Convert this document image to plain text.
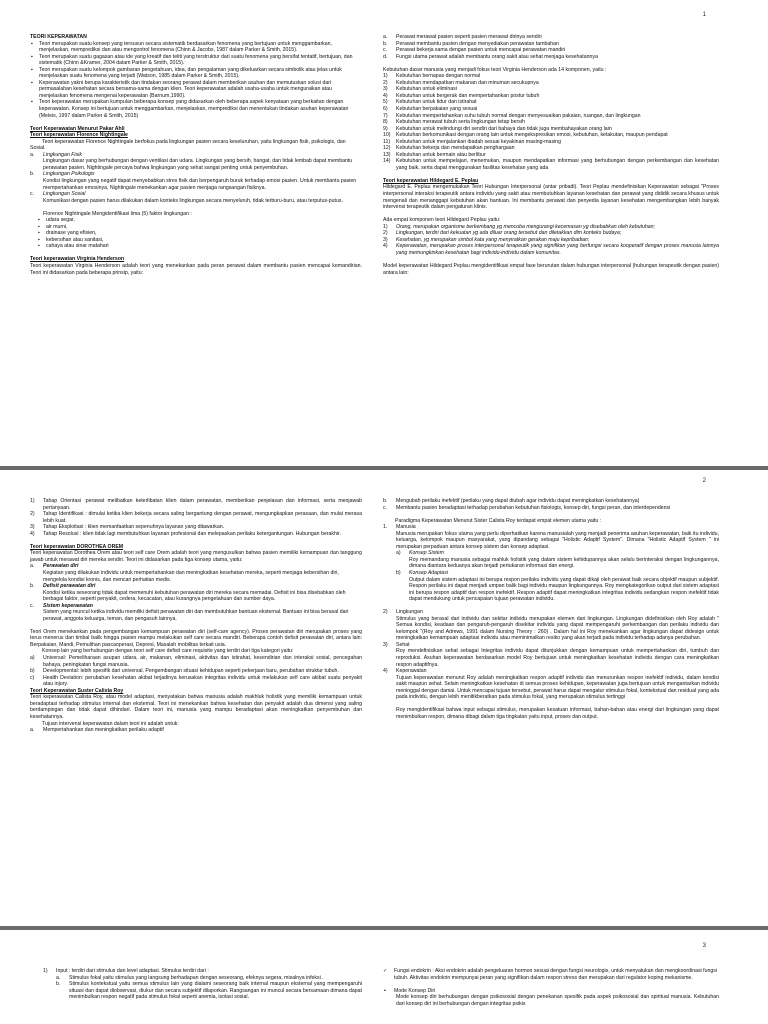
1

TEORI KEPERAWATAN

▪ Teori merupakan suatu konsep yang tersusun secara sistematik berdasarkan fenomena yang bertujuan untuk menggambarkan, menjelaskan, memprediksi dan atau mengontrol fenomena (Chinn & Jacobs, 1987 dalam Parker & Smith, 2015).

▪ Teori merupakan suatu gagasan atau ide yang kreatif dan teliti yang terstruktur dari suatu fenomena yang bersifat tentatif, bertujuan, dan sistematik (Chinn &Kramer, 2004 dalam Parker & Smith, 2015).

▪ Teori merupakan suatu kelompok gambaran pengetahuan, idea, dan pengalaman yang dikeluarkan secara simbolik atau jelas untuk menjelaskan suatu fenomena yang terjadi (Watson, 1985 dalam Parker & Smith, 2015).

▪ Keperawatan yakni berupa karakteristik dan tindakan seorang perawat dalam memberikan asuhan dan memutuskan solusi dari permasalahan kesehatan secara bersama-sama dengan klien. Teori keperawatan adalah usaha-usaha untuk menguraikan atau menjelaskan fenomena mengenai keperawatan (Barnum,1990).

▪ Teori keperawatan merupakan kumpulan beberapa konsep yang didasarkan oleh beberapa aspek kenyataan yang berkaitan dengan keperawatan. Konsep ini bertujuan untuk menggambarkan, menjelaskan, memprediksi dan menentukan tindakan asuhan keperawatan (Meleis, 1997 dalam Parker & Smith, 2015)

Teori Keperawatan Menurut Pakar Ahli

Teori keperawatan Florence Nightingale

Teori keperawatan Florence Nightingale berfokus pada lingkungan pasien secara keseluruhan, yaitu lingkungan fisik, psikologis, dan Sosial.

a.	Lingkungan Fisik

Lingkungan dasar yang berhubungan dengan ventilasi dan udara. Lingkungan yang bersih, hangat, dan tidak lembab dapat membantu perawatan pasien. Nightingale percaya bahwa lingkungan yang sehat sangat penting untuk penyembuhan.

b.	Lingkungan Psikologis

Kondisi lingkungan yang negatif dapat menyebabkan stres fisik dan berpengaruh buruk terhadap emosi pasien. Untuk membantu pasien mempertahankan emosinya, Nightingale menekankan agar pasien menjaga rangsangan fisiknya.

c.	Lingkungan Sosial

Komunikasi dengan pasien harus dilakukan dalam konteks lingkungan secara menyeluruh, tidak terburu-buru, atau terputus-putus.

Florence Nightingale Mengidentifikasi lima (5) faktor lingkungan :

▪ udara segar,

▪ air murni,

▪ drainase yang efisien,

▪ kebersihan atau sanitasi,

▪ cahaya atau sinar matahari

Teori keperawatan Virginia Henderson

Teori keperawatan Virginia Henderson adalah teori yang menekankan pada peran perawat dalam membantu pasien mencapai kemandirian. Teori ini didasarkan pada beberapa prinsip, yaitu:

a.	Perawat merawat pasien seperti pasien merawat dirinya sendiri
b.	Perawat membantu pasien dengan menyediakan perawatan tambahan
c.	Perawat bekerja sama dengan pasien untuk mencapai perawatan mandiri
d.	Fungsi utama perawat adalah membantu orang sakit atau sehat menjaga kesehatannya

Kebutuhan dasar manusia yang menjadi fokus teori Virginia Henderson ada 14 komponen, yaitu :

1)	Kebutuhan bernapas dengan normal
2)	Kebutuhan mendapatkan makanan dan minuman secukupnya
3)	Kebutuhan untuk eliminasi
4)	Kebutuhan untuk bergerak dan mempertahankan postur tubuh
5)	Kebutuhan untuk tidur dan istirahat
6)	Kebutuhan berpakaian yang sesuai
7)	Kebutuhan mempertahankan suhu tubuh normal dengan menyesuaikan pakaian, ruangan, dan lingkungan
8)	Kebutuhan merawat tubuh serta lingkungan tetap bersih
9)	Kebutuhan untuk melindungi diri sendiri dari bahaya dan tidak juga membahayakan orang lain
10)	Kebutuhan berkomunikasi dengan orang lain untuk mengekspresikan emosi, kebutuhan, ketakutan, maupun pendapat
11)	Kebutuhan untuk menjalankan ibadah sesuai keyakinan masing-masing
12)	Kebutuhan bekerja dan mendapatkan penghargaan
13)	Kebutuhan untuk bermain atau berlibur
14)	Kebutuhan untuk mempelajari, menemukan, maupun mendapatkan informasi yang berhubungan dengan perkembangan dan kesehatan yang baik, serta dapat menggunakan fasilitas kesehatan yang ada

Teori keperawatan Hildegard E. Peplau

Hildegard E. Peplau mengemukakan Teori Hubungan Interpersonal (antar pribadi). Teori Peplau mendefinisikan Keperawatan sebagai "Proses interpersonal interaksi terapeutik antara individu yang sakit atau membutuhkan layanan kesehatan dan perawat yang dididik secara khusus untuk mengenali dan menanggapi kebutuhan akan bantuan. Ini membantu perawat dan penyedia layanan kesehatan mengembangkan lebih banyak intervensi terapeutik dalam pengaturan klinis.

Ada empat komponen teori Hildegard Peplau yaitu:

1)	Orang, merupakan organisme berkembang yg mencoba mengurangi kecemasan yg disebabkan oleh kebutuhan;
2)	Lingkungan, terdiri dari kekuatan yg ada diluar orang tersebut dan diletakkan dlm konteks budaya;
3)	Kesehatan, yg merupakan simbol kata yang menyiratkan gerakan maju kepribadian;
4)	Keperawatan, merupakan proses interpersonal terapeutik yang signifikan yang berfungsi secara kooperatif dengan proses manusia lainnya yang memungkinkan kesehatan bagi individu-individu dalam komunitas.

Model keperawatan Hildegard Peplau mengidentifikasi empat fase berurutan dalam hubungan interpersonal (hubungan terapeutik dengan pasien) antara lain:

2
1)	Tahap Orientasi :perawat melibatkan keterlibatan klien dalam perawatan, memberikan penjelasan dan informasi, serta menjawab pertanyaan.
2)	Tahap Identifikasi : dimulai ketika klien bekerja secara saling bergantung dengan perawat, mengungkapkan perasaan, dan mulai merasa lebih kuat.
3)	Tahap Eksploitasi : klien memanfaatkan sepenuhnya layanan yang ditawarkan.
4)	Tahap Resolusi : klien tidak lagi membutuhkan layanan profesional dan melepaskan perilaku ketergantungan. Hubungan berakhir.

Teori keperawatan DOROTHEA OREM

Teori keperawatan Dorothea Orem atau teori self care Orem adalah teori yang mengusulkan bahwa pasien memiliki kemampuan dan tanggung jawab untuk merawat diri mereka sendiri. Teori ini didasarkan pada tiga konsep utama, yaitu:

a.	Perawatan diri

Kegiatan yang dilakukan individu untuk mempertahankan dan meningkatkan kesehatan mereka, seperti menjaga kebersihan diri, mengelola kondisi kronis, dan mencari perhatian medis.

b.	Defisit perawatan diri

Kondisi ketika seseorang tidak dapat memenuhi kebutuhan perawatan diri mereka secara memadai. Defisit ini bisa disebabkan oleh berbagai faktor, seperti penyakit, cedera, kecacatan, atau kurangnya pengetahuan dan sumber daya.

c.	Sistem keperawatan

Sistem yang muncul ketika individu memiliki defisit perawatan diri dan membutuhkan bantuan eksternal. Bantuan ini bisa berasal dari perawat, anggota keluarga, teman, dan pengasuh lainnya.

Teori Orem menekankan pada pengembangan kemampuan perawatan diri (self-care agency). Proses perawatan diri merupakan proses yang terus menerus dan timbal balik hingga pasien mampu melakukan self care secara mandiri. Beberapa contoh defisit perawatan diri, antara lain: Berpakaian, Mandi, Pemulihan pascaoperasi, Depresi, Masalah mobilitas terkait usia.

Konsep lain yang berhubungan dengan teori self care defisit care requisite yang terdiri dari tiga kategori yaitu:

a)	Universal: Pemeliharaan asupan udara, air, makanan, eliminasi, aktivitas dan istirahat, kesendirian dan interaksi sosial, pencegahan bahaya, peningkatan fungsi manusia.
b)	Developmental: lebih spesifik dari universal. Pengembangan situasi kehidupan seperti pekerjaan baru, perubahan struktur tubuh.
c)	Health Deviation: perubahan kesehatan akibat terjadinya kerusakan integritas individu untuk melakukan self care akibat suatu penyakit atau injury.

Teori Keperawatan Suster Calista Roy

Teori keperawatan Calista Roy, atau model adaptasi, menyatakan bahwa manusia adalah makhluk holistik yang memiliki kemampuan untuk beradaptasi terhadap stimulus internal dan eksternal. Teori ini menekankan bahwa kesehatan dan penyakit adalah dua dimensi yang saling berdampingan dan tidak dapat dihindari. Dalam teori ini, manusia yang mampu beradaptasi akan meningkatkan penyembuhan dan kesehatannya.

Tujuan intervensi keperawatan dalam teori ini adalah untuk:

a.	Mempertahankan dan meningkatkan perilaku adaptif
b.	Mengubah perilaku inefektif (perilaku yang dapat diubah agar individu dapat meningkatkan kesehatannya)
c.	Membantu pasien beradaptasi terhadap perubahan kebutuhan fisiologis, konsep diri, fungsi peran, dan interdependensi

Paradigma Keperawatan Menurut Sister Calista Roy terdapat empat elemen utama yaitu :

1.	Manusia

Manusia merupakan fokus utama yang perlu diperhatikan karena manusialah yang menjadi penerima asuhan keperawatan, baik itu individu, keluarga, kelompok maupun masyarakat, yang dipandang sebagai "Holistic Adaptif System". Dimana "Holistic Adaptif System " ini merupakan perpaduan antara konsep sistem dan konsep adaptasi.

a)	Konsep Sistem

Roy memandang manusia sebagai mahluk holistik yang dalam sistem kehidupannya akan selalu berinteraksi dengan lingkungannya, dimana diantara keduanya akan terjadi pertukaran informasi dan energi.

b)	Konsep Adaptasi

Output dalam sistem adaptasi ini berupa respon perilaku individu yang dapat dikaji oleh perawat baik secara objektif maupun subjektif. Respon perilaku ini dapat menjadi umpan balik bagi individu maupun lingkungannya. Roy mengkategorikan output dari sistem adaptasi ini berupa respon adaptif dan respon inefektif. Respon adaptif dapat meningkatkan integritas individu sedangkan respon inefektif tidak dapat mendukung untuk pencapaian tujuan perawatan individu.

2)	Lingkungan

Stimulus yang berasal dari individu dan sekitar individu merupakan elemen dari lingkungan. Lingkungan didefinisikan oleh Roy adalah " Semua kondisi, keadaan dan pengaruh-pengaruh disekitar individu yang dapat mempengaruhi perkembangan dan perilaku individu dan kelompok "(Roy and Adrews, 1991 dalam Nursing Theory : 260) . Dalam hal ini Roy menekankan agar lingkungan dapat didesign untuk meningkatkan kemampuan adaptasi individu atau meminimalkan resiko yang akan terjadi pada individu terhadap adanya perubahan.

3)	Sehat

Roy mendefinisikan sehat sebagai Integritas individu dapat ditunjukkan dengan kemampuan untuk mempertahankan diri, tumbuh dan reproduksi. Asuhan keperawatan berdasarkan model Roy bertujuan untuk meningkatkan kesehatan individu dengan cara meningkatkan respon adaptifnya.

4)	Keperawatan

Tujuan keperawatan menurut Roy adalah meningkatkan respon adaptif individu dan menurunkan respon inefektif individu, dalam kondisi sakit maupun sehat. Selain meningkatkan kesehatan di semua proses kehidupan, keperawatan juga bertujuan untuk mengantarkan individu meninggal dengan damai. Untuk mencapai tujuan tersebut, perawat harus dapat mengatur stimulus fokal, kontekstual dan residual yang ada pada individu, dengan lebih menitikberatkan pada stimulus fokal, yang merupakan stimulus tertinggi

Roy mengidentifikasi bahwa input sebagai stimulus, merupakan kesatuan informasi, bahan-bahan atau energi dari lingkungan yang dapat menimbulkan respon, dimana dibagi dalam tiga tingkatan yaitu input, proses dan output.

3
1)	Input : terdiri dari stimulus dan level adaptasi. Stimulus terdiri dari :
a.	Stimulus fokal yaitu stimulus yang langsung berhadapan dengan seseorang, efeknya segera, misalnya infeksi .
b.	Stimulus kontekstual yaitu semua stimulus lain yang dialami seseorang baik internal maupun eksternal yang mempengaruhi situasi dan dapat diobservasi, diukur dan secara subjektif dilaporkan. Rangsangan ini muncul secara bersamaan dimana dapat menimbulkan respon negatif pada stimulus fokal seperti anemia, isolasi sosial.

✓ Fungsi endokrin : Aksi endokrin adalah pengeluaran hormon sesuai dengan fungsi neurologis, untuk menyatukan dan mengkoordinasi fungsi tubuh. Aktivitas endokrin mempunyai peran yang signifikan dalam respon stress dan merupakan dari regulator koping mekanisme.

▪ Mode Konsep Diri

Mode konsep diri berhubungan dengan psikososial dengan penekanan spesifik pada aspek psikososial dan spiritual manusia. Kebutuhan dari konsep diri ini berhubungan dengan integritas psikis
